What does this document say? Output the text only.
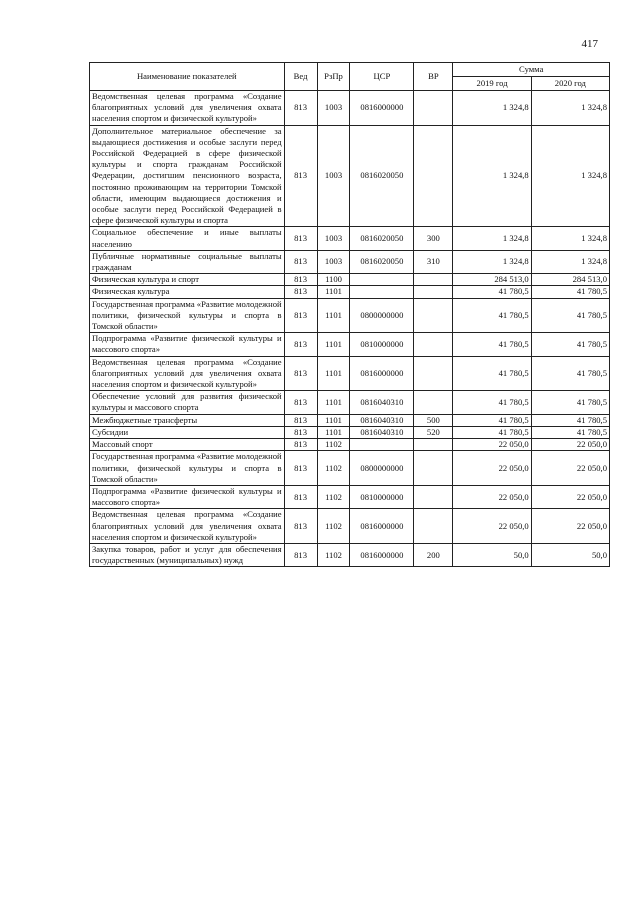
417
Наименование показателей	Вед	РзПр	ЦСР	ВР	Сумма	
					2019 год	2020 год
Ведомственная целевая программа «Создание благоприятных условий для увеличения охвата населения спортом и физической культурой»	813	1003	0816000000		1 324,8	1 324,8
Дополнительное материальное обеспечение за выдающиеся достижения и особые заслуги перед Российской Федерацией в сфере физической культуры и спорта гражданам Российской Федерации, достигшим пенсионного возраста, постоянно проживающим на территории Томской области, имеющим выдающиеся достижения и особые заслуги перед Российской Федерацией в сфере физической культуры и спорта	813	1003	0816020050		1 324,8	1 324,8
Социальное обеспечение и иные выплаты населению	813	1003	0816020050	300	1 324,8	1 324,8
Публичные нормативные социальные выплаты гражданам	813	1003	0816020050	310	1 324,8	1 324,8
Физическая культура и спорт	813	1100			284 513,0	284 513,0
Физическая культура	813	1101			41 780,5	41 780,5
Государственная программа «Развитие молодежной политики, физической культуры и спорта в Томской области»	813	1101	0800000000		41 780,5	41 780,5
Подпрограмма «Развитие физической культуры и массового спорта»	813	1101	0810000000		41 780,5	41 780,5
Ведомственная целевая программа «Создание благоприятных условий для увеличения охвата населения спортом и физической культурой»	813	1101	0816000000		41 780,5	41 780,5
Обеспечение условий для развития физической культуры и массового спорта	813	1101	0816040310		41 780,5	41 780,5
Межбюджетные трансферты	813	1101	0816040310	500	41 780,5	41 780,5
Субсидии	813	1101	0816040310	520	41 780,5	41 780,5
Массовый спорт	813	1102			22 050,0	22 050,0
Государственная программа «Развитие молодежной политики, физической культуры и спорта в Томской области»	813	1102	0800000000		22 050,0	22 050,0
Подпрограмма «Развитие физической культуры и массового спорта»	813	1102	0810000000		22 050,0	22 050,0
Ведомственная целевая программа «Создание благоприятных условий для увеличения охвата населения спортом и физической культурой»	813	1102	0816000000		22 050,0	22 050,0
Закупка товаров, работ и услуг для обеспечения государственных (муниципальных) нужд	813	1102	0816000000	200	50,0	50,0
